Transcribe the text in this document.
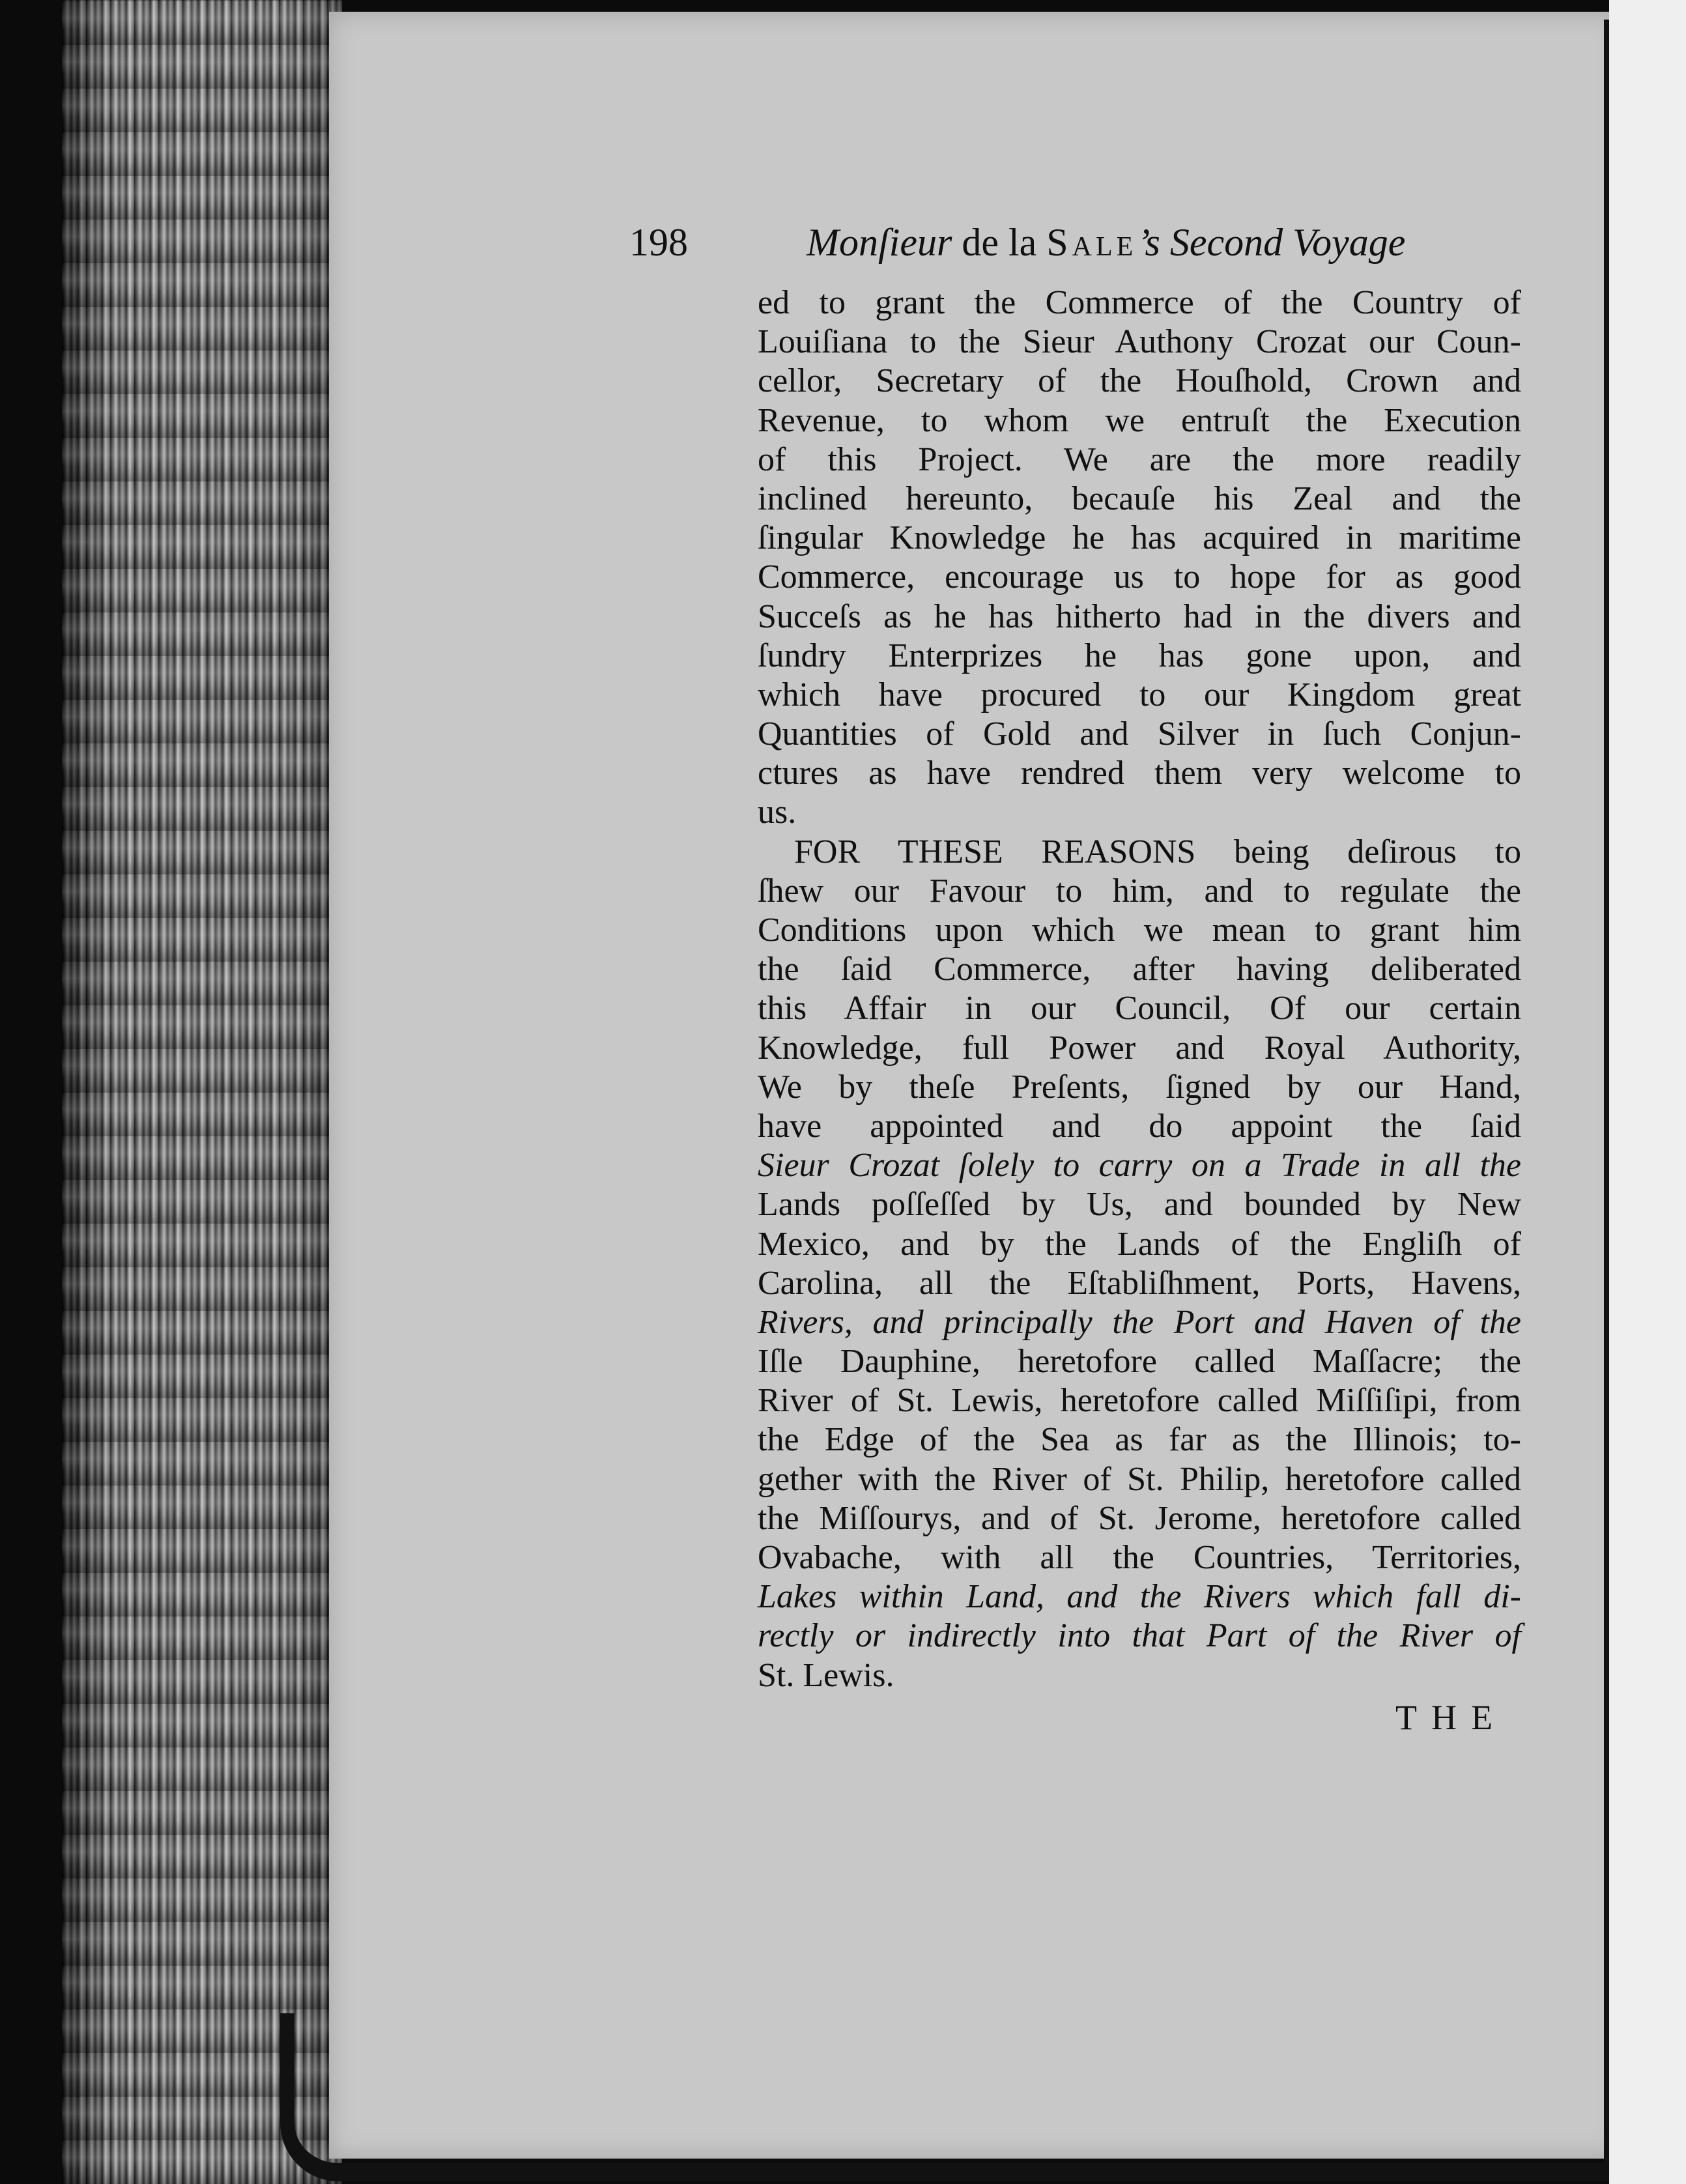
198	Monſieur de la Sale’s Second Voyage
ed to grant the Commerce of the Country of
Louiſiana to the Sieur Authony Crozat our Coun-
cellor, Secretary of the Houſhold, Crown and
Revenue, to whom we entruſt the Execution
of this Project. We are the more readily
inclined hereunto, becauſe his Zeal and the
ſingular Knowledge he has acquired in maritime
Commerce, encourage us to hope for as good
Succeſs as he has hitherto had in the divers and
ſundry Enterprizes he has gone upon, and
which have procured to our Kingdom great
Quantities of Gold and Silver in ſuch Conjun-
ctures as have rendred them very welcome to
us.
FOR THESE REASONS being deſirous to
ſhew our Favour to him, and to regulate the
Conditions upon which we mean to grant him
the ſaid Commerce, after having deliberated
this Affair in our Council, Of our certain
Knowledge, full Power and Royal Authority,
We by theſe Preſents, ſigned by our Hand,
have appointed and do appoint the ſaid
Sieur Crozat ſolely to carry on a Trade in all the
Lands poſſeſſed by Us, and bounded by New
Mexico, and by the Lands of the Engliſh of
Carolina, all the Eſtabliſhment, Ports, Havens,
Rivers, and principally the Port and Haven of the
Iſle Dauphine, heretofore called Maſſacre; the
River of St. Lewis, heretofore called Miſſiſipi, from
the Edge of the Sea as far as the Illinois; to-
gether with the River of St. Philip, heretofore called
the Miſſourys, and of St. Jerome, heretofore called
Ovabache, with all the Countries, Territories,
Lakes within Land, and the Rivers which fall di-
rectly or indirectly into that Part of the River of
St. Lewis.
THE
